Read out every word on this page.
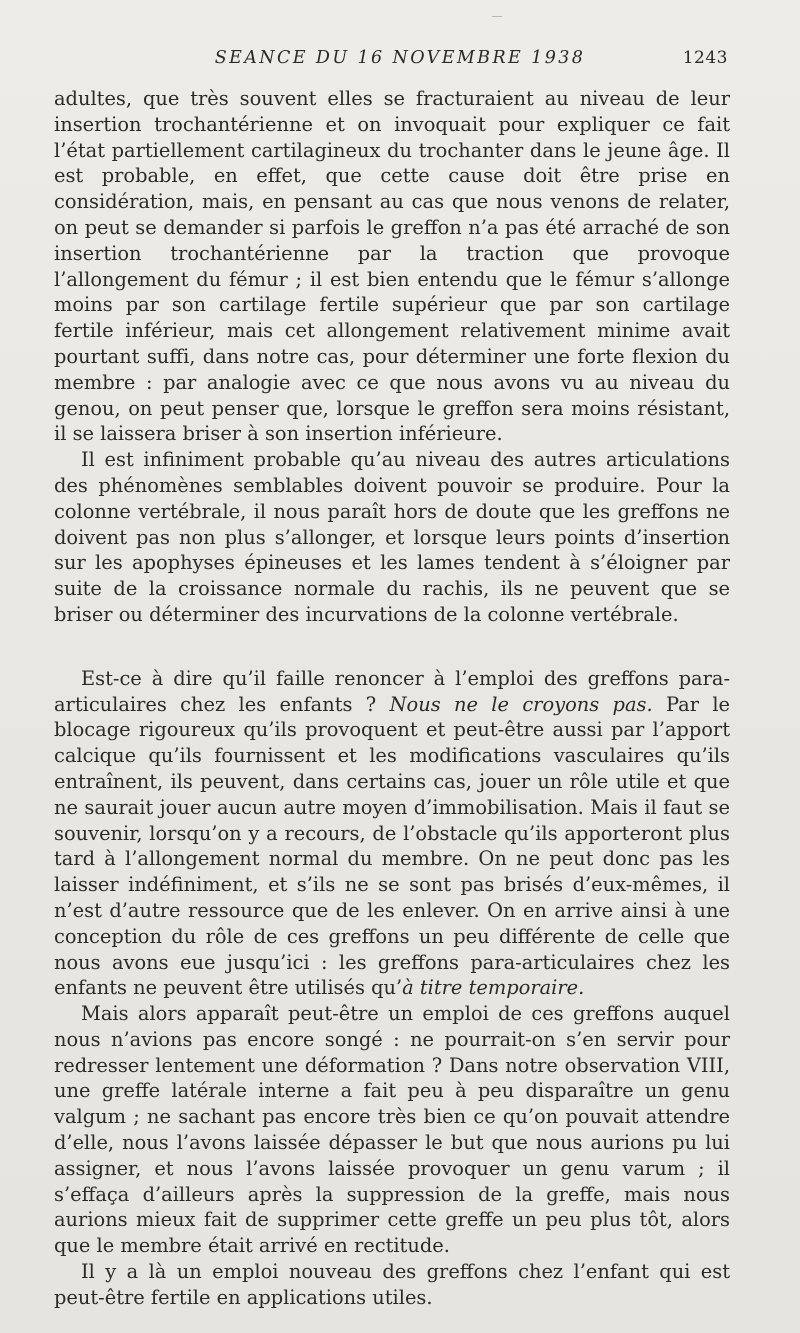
SEANCE DU 16 NOVEMBRE 1938	1243

adultes, que très souvent elles se fracturaient au niveau de leur insertion trochantérienne et on invoquait pour expliquer ce fait l’état partiellement cartilagineux du trochanter dans le jeune âge. Il est probable, en effet, que cette cause doit être prise en considération, mais, en pensant au cas que nous venons de relater, on peut se demander si parfois le greffon n’a pas été arraché de son insertion trochantérienne par la traction que provoque l’allongement du fémur ; il est bien entendu que le fémur s’allonge moins par son cartilage fertile supérieur que par son cartilage fertile inférieur, mais cet allongement relativement minime avait pourtant suffi, dans notre cas, pour déterminer une forte flexion du membre : par analogie avec ce que nous avons vu au niveau du genou, on peut penser que, lorsque le greffon sera moins résistant, il se laissera briser à son insertion inférieure.

Il est infiniment probable qu’au niveau des autres articulations des phénomènes semblables doivent pouvoir se produire. Pour la colonne vertébrale, il nous paraît hors de doute que les greffons ne doivent pas non plus s’allonger, et lorsque leurs points d’insertion sur les apophyses épineuses et les lames tendent à s’éloigner par suite de la croissance normale du rachis, ils ne peuvent que se briser ou déterminer des incurvations de la colonne vertébrale.

Est-ce à dire qu’il faille renoncer à l’emploi des greffons para-articulaires chez les enfants ? Nous ne le croyons pas. Par le blocage rigoureux qu’ils provoquent et peut-être aussi par l’apport calcique qu’ils fournissent et les modifications vasculaires qu’ils entraînent, ils peuvent, dans certains cas, jouer un rôle utile et que ne saurait jouer aucun autre moyen d’immobilisation. Mais il faut se souvenir, lorsqu’on y a recours, de l’obstacle qu’ils apporteront plus tard à l’allongement normal du membre. On ne peut donc pas les laisser indéfiniment, et s’ils ne se sont pas brisés d’eux-mêmes, il n’est d’autre ressource que de les enlever. On en arrive ainsi à une conception du rôle de ces greffons un peu différente de celle que nous avons eue jusqu’ici : les greffons para-articulaires chez les enfants ne peuvent être utilisés qu’à titre temporaire.

Mais alors apparaît peut-être un emploi de ces greffons auquel nous n’avions pas encore songé : ne pourrait-on s’en servir pour redresser lentement une déformation ? Dans notre observation VIII, une greffe latérale interne a fait peu à peu disparaître un genu valgum ; ne sachant pas encore très bien ce qu’on pouvait attendre d’elle, nous l’avons laissée dépasser le but que nous aurions pu lui assigner, et nous l’avons laissée provoquer un genu varum ; il s’effaça d’ailleurs après la suppression de la greffe, mais nous aurions mieux fait de supprimer cette greffe un peu plus tôt, alors que le membre était arrivé en rectitude.

Il y a là un emploi nouveau des greffons chez l’enfant qui est peut-être fertile en applications utiles.
